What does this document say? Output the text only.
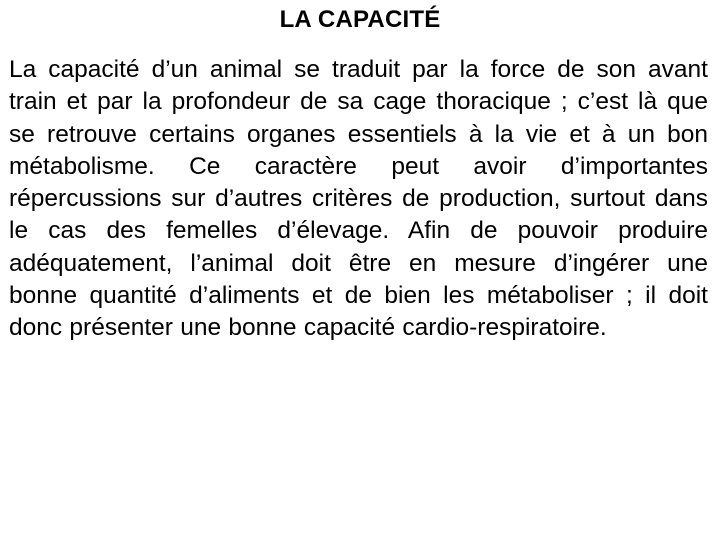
LA CAPACITÉ

La capacité d’un animal se traduit par la force de son avant train et par la profondeur de sa cage thoracique ; c’est là que se retrouve certains organes essentiels à la vie et à un bon métabolisme. Ce caractère peut avoir d’importantes répercussions sur d’autres critères de production, surtout dans le cas des femelles d’élevage. Afin de pouvoir produire adéquatement, l’animal doit être en mesure d’ingérer une bonne quantité d’aliments et de bien les métaboliser ; il doit donc présenter une bonne capacité cardio-respiratoire.
